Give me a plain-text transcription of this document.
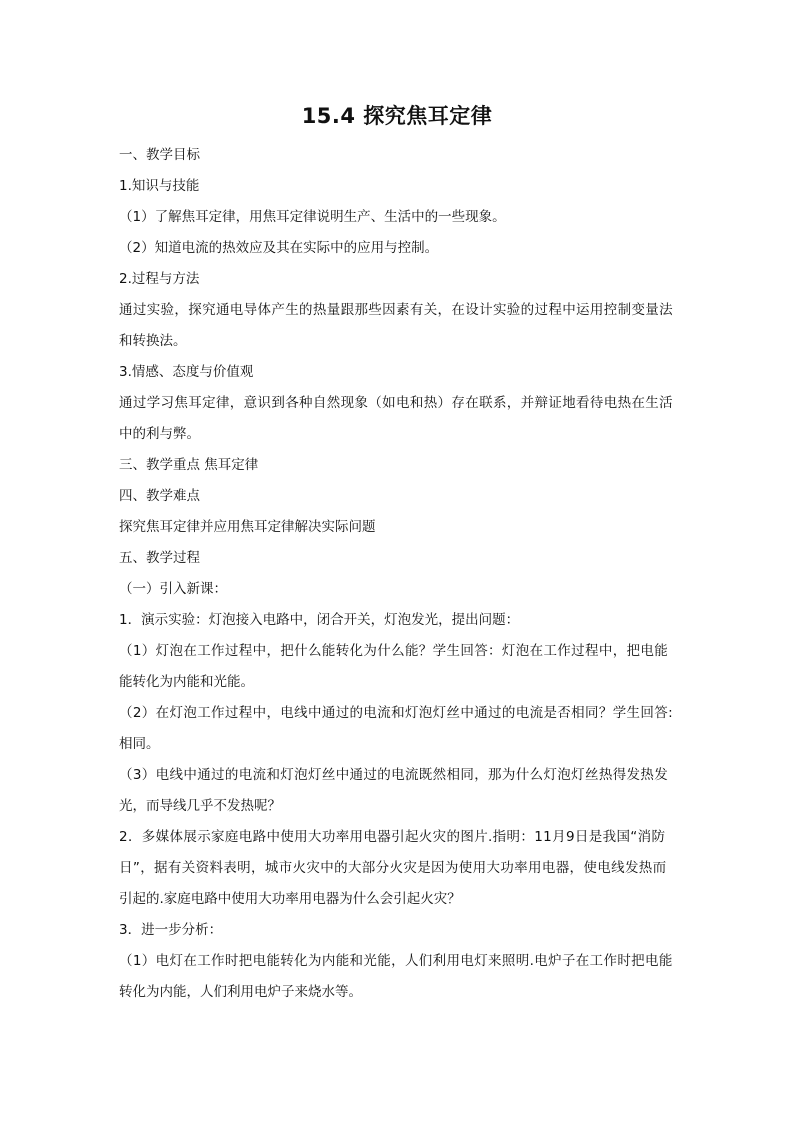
15.4 探究焦耳定律
一、教学目标
1.知识与技能
（1）了解焦耳定律，用焦耳定律说明生产、生活中的一些现象。
（2）知道电流的热效应及其在实际中的应用与控制。
2.过程与方法
通过实验，探究通电导体产生的热量跟那些因素有关，在设计实验的过程中运用控制变量法
和转换法。
3.情感、态度与价值观
通过学习焦耳定律，意识到各种自然现象（如电和热）存在联系，并辩证地看待电热在生活
中的利与弊。
三、教学重点 焦耳定律
四、教学难点
探究焦耳定律并应用焦耳定律解决实际问题
五、教学过程
（一）引入新课：
1．演示实验：灯泡接入电路中，闭合开关，灯泡发光，提出问题：
（1）灯泡在工作过程中，把什么能转化为什么能？学生回答：灯泡在工作过程中，把电能
能转化为内能和光能。
（2）在灯泡工作过程中，电线中通过的电流和灯泡灯丝中通过的电流是否相同？学生回答:
相同。
（3）电线中通过的电流和灯泡灯丝中通过的电流既然相同，那为什么灯泡灯丝热得发热发
光，而导线几乎不发热呢？
2．多媒体展示家庭电路中使用大功率用电器引起火灾的图片.指明：11月9日是我国“消防
日”，据有关资料表明，城市火灾中的大部分火灾是因为使用大功率用电器，使电线发热而
引起的.家庭电路中使用大功率用电器为什么会引起火灾？
3．进一步分析：
（1）电灯在工作时把电能转化为内能和光能，人们利用电灯来照明.电炉子在工作时把电能
转化为内能，人们利用电炉子来烧水等。
